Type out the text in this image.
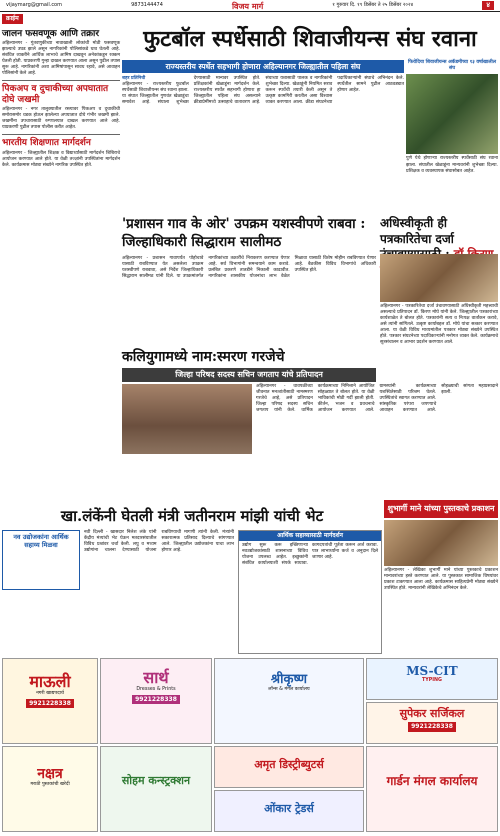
vijaymarg@gmail.com	9873144474	विजय मार्ग	१ गुरुवार दि. १९ डिसेंबर ते २५ डिसेंबर २०२४	४
क्राईम
जालन फसवणूक आणि तक्रार

अहिल्यानगर - गुंतवणुकीच्या नावाखाली लोकांची मोठी फसवणूक झाल्याचे उघड झाले असून नागरिकांनी पोलिसांकडे धाव घेतली आहे. संबंधित व्यक्तीने आर्थिक लाभाचे आमिष दाखवून अनेकांकडून रक्कम घेतली होती. याप्रकरणी गुन्हा दाखल करण्यात आला असून पुढील तपास सुरू आहे. नागरिकांनी अशा आमिषांपासून सावध रहावे, असे आवाहन पोलिसांनी केले आहे.

पिकअप व दुचाकीच्या अपघातात दोघे जखमी

अहिल्यानगर - नगर तालुक्यातील रस्त्यावर पिकअप व दुचाकीची समोरासमोर धडक होऊन झालेल्या अपघातात दोघे गंभीर जखमी झाले. जखमींना उपचारासाठी रुग्णालयात दाखल करण्यात आले आहे. याप्रकरणी पुढील तपास पोलीस करीत आहेत.

भारतीय शिक्षणात मार्गदर्शन

अहिल्यानगर - जिल्ह्यातील शिक्षक व विद्यार्थ्यांसाठी मार्गदर्शन शिबिराचे आयोजन करण्यात आले होते. या वेळी तज्ज्ञांनी उपस्थितांना मार्गदर्शन केले. कार्यक्रमास मोठ्या संख्येने नागरिक उपस्थित होते.

फुटबॉल स्पर्धेसाठी शिवाजीयन्स संघ रवाना
राज्यस्तरीय स्पर्धेत सहभागी होणारा अहिल्यानगर जिल्ह्यातील पहिला संघ

शहर प्रतिनिधी

अहिल्यानगर - राज्यस्तरीय फुटबॉल स्पर्धेसाठी शिवाजीयन्स संघ रवाना झाला. या संघात जिल्ह्यातील गुणवंत खेळाडूंचा समावेश आहे. संघाला शुभेच्छा देण्यासाठी मान्यवर उपस्थित होते. प्रशिक्षकांनी खेळाडूंना मार्गदर्शन केले. राज्यस्तरीय स्पर्धेत सहभागी होणारा हा जिल्ह्यातील पहिला संघ असल्याने क्रीडाप्रेमींमध्ये उत्साहाचे वातावरण आहे. संघाच्या यशासाठी पालक व नागरिकांनी शुभेच्छा दिल्या. खेळाडूंनी नियमित सराव करून स्पर्धेची तयारी केली असून ते उत्कृष्ट कामगिरी करतील असा विश्वास व्यक्त करण्यात आला. क्रीडा संघटनेच्या पदाधिकाऱ्यांनी संघाचे अभिनंदन केले. स्पर्धेतील सामने पुढील आठवड्यात होणार आहेत.

फिरोदिया शिवाजीयन्स अकॅडमीच्या १३ वर्षाखालील संघ

पुणे येथे होणाऱ्या राज्यस्तरीय स्पर्धेसाठी संघ रवाना झाला. संघातील खेळाडूंना मान्यवरांनी शुभेच्छा दिल्या. प्रशिक्षक व व्यवस्थापक संघासोबत आहेत.

'प्रशासन गाव के ओर' उपक्रम यशस्वीपणे राबवा : जिल्हाधिकारी सिद्धाराम सालीमठ

अहिल्यानगर - प्रशासन गावापर्यंत पोहोचावे यासाठी राबविण्यात येत असलेला उपक्रम यशस्वीपणे राबवावा, असे निर्देश जिल्हाधिकारी सिद्धाराम सालीमठ यांनी दिले. या उपक्रमांतर्गत नागरिकांच्या तक्रारींचे निराकरण करण्यात येणार आहे. सर्व विभागांनी समन्वयाने काम करावे. प्रलंबित प्रकरणे तातडीने निकाली काढावीत. नागरिकांना शासकीय योजनांचा लाभ वेळेत मिळावा यासाठी विशेष मोहीम राबविण्यात येणार आहे. बैठकीस विविध विभागांचे अधिकारी उपस्थित होते.

अधिस्वीकृती ही पत्रकारितेचा दर्जा

अहिल्यानगर - पत्रकारितेचा दर्जा उंचावण्यासाठी अधिस्वीकृती महत्त्वाची असल्याचे प्रतिपादन डॉ. किरण मोघे यांनी केले. जिल्ह्यातील पत्रकारांच्या कार्यशाळेत ते बोलत होते. पत्रकारांनी सत्य व निःपक्ष वार्तांकन करावे, असे त्यांनी सांगितले. उत्कृष्ट कार्याबद्दल डॉ. मोघे यांचा सत्कार करण्यात आला. या वेळी विविध माध्यमांतील पत्रकार मोठ्या संख्येने उपस्थित होते. पत्रकार संघटनेच्या पदाधिकाऱ्यांनी मनोगत व्यक्त केले. कार्यक्रमाचे सूत्रसंचालन व आभार प्रदर्शन करण्यात आले.

कलियुगामध्ये नाम:स्मरण गरजेचे
जिल्हा परिषद सदस्य सचिन जगताप यांचे प्रतिपादन

अहिल्यानगर - धावपळीच्या जीवनात मनःशांतीसाठी नामस्मरण गरजेचे आहे, असे प्रतिपादन जिल्हा परिषद सदस्य सचिन जगताप यांनी केले. धार्मिक कार्यक्रमाच्या निमित्ताने आयोजित सोहळ्यात ते बोलत होते. या वेळी भाविकांची मोठी गर्दी झाली होती. कीर्तन, भजन व प्रवचनाचे आयोजन करण्यात आले. ग्रामस्थांनी कार्यक्रमाच्या यशस्वितेसाठी परिश्रम घेतले. उपस्थितांचे स्वागत करण्यात आले. सांस्कृतिक परंपरा जपण्याचे आवाहन करण्यात आले. सोहळ्याची सांगता महाप्रसादाने झाली.

खा.लंकेंनी घेतली मंत्री जतीनराम मांझी यांची भेट
नव उद्योजकांना आर्थिक सहाय्य मिळवा

नवी दिल्ली - खासदार निलेश लंके यांनी केंद्रीय मंत्र्यांची भेट घेऊन मतदारसंघातील विविध प्रश्नांवर चर्चा केली. लघु व मध्यम उद्योगांना चालना देण्यासाठी योजना राबविण्याची मागणी त्यांनी केली. मंत्र्यांनी सकारात्मक प्रतिसाद दिल्याचे सांगण्यात आले. जिल्ह्यातील उद्योजकांना याचा लाभ होणार आहे.

आर्थिक सहाय्यासाठी मार्गदर्शन

उद्योग सुरू करू इच्छिणाऱ्या नवउद्योजकांसाठी शासनाच्या विविध योजना उपलब्ध आहेत. इच्छुकांनी संबंधित कार्यालयाशी संपर्क साधावा. कागदपत्रांची पूर्तता करून अर्ज करावा. पात्र लाभार्थ्यांना कर्ज व अनुदान दिले जाणार आहे.

शुभार्गी माने यांच्या पुस्तकाचे प्रकाशन

अहिल्यानगर - लेखिका शुभार्गी माने यांच्या पुस्तकाचे प्रकाशन मान्यवरांच्या हस्ते करण्यात आले. या पुस्तकात सामाजिक विषयांवर प्रकाश टाकण्यात आला आहे. कार्यक्रमास साहित्यप्रेमी मोठ्या संख्येने उपस्थित होते. मान्यवरांनी लेखिकेचे अभिनंदन केले.

माऊली
नगरी खाद्यपदार्थ
9921228338
सार्थ
Dresses & Prints
9921228338
श्रीकृष्ण
लॉन्स & मंगल कार्यालय
MS-CIT
TYPING
सुपेकर सर्जिकल
9921228338
नक्षत्र
मराठी पुस्तकांची खरेदी	सोहम कन्स्ट्रक्शन
अमृत डिस्ट्रीब्युटर्स
ओंकार ट्रेडर्स
गार्डन मंगल कार्यालय
